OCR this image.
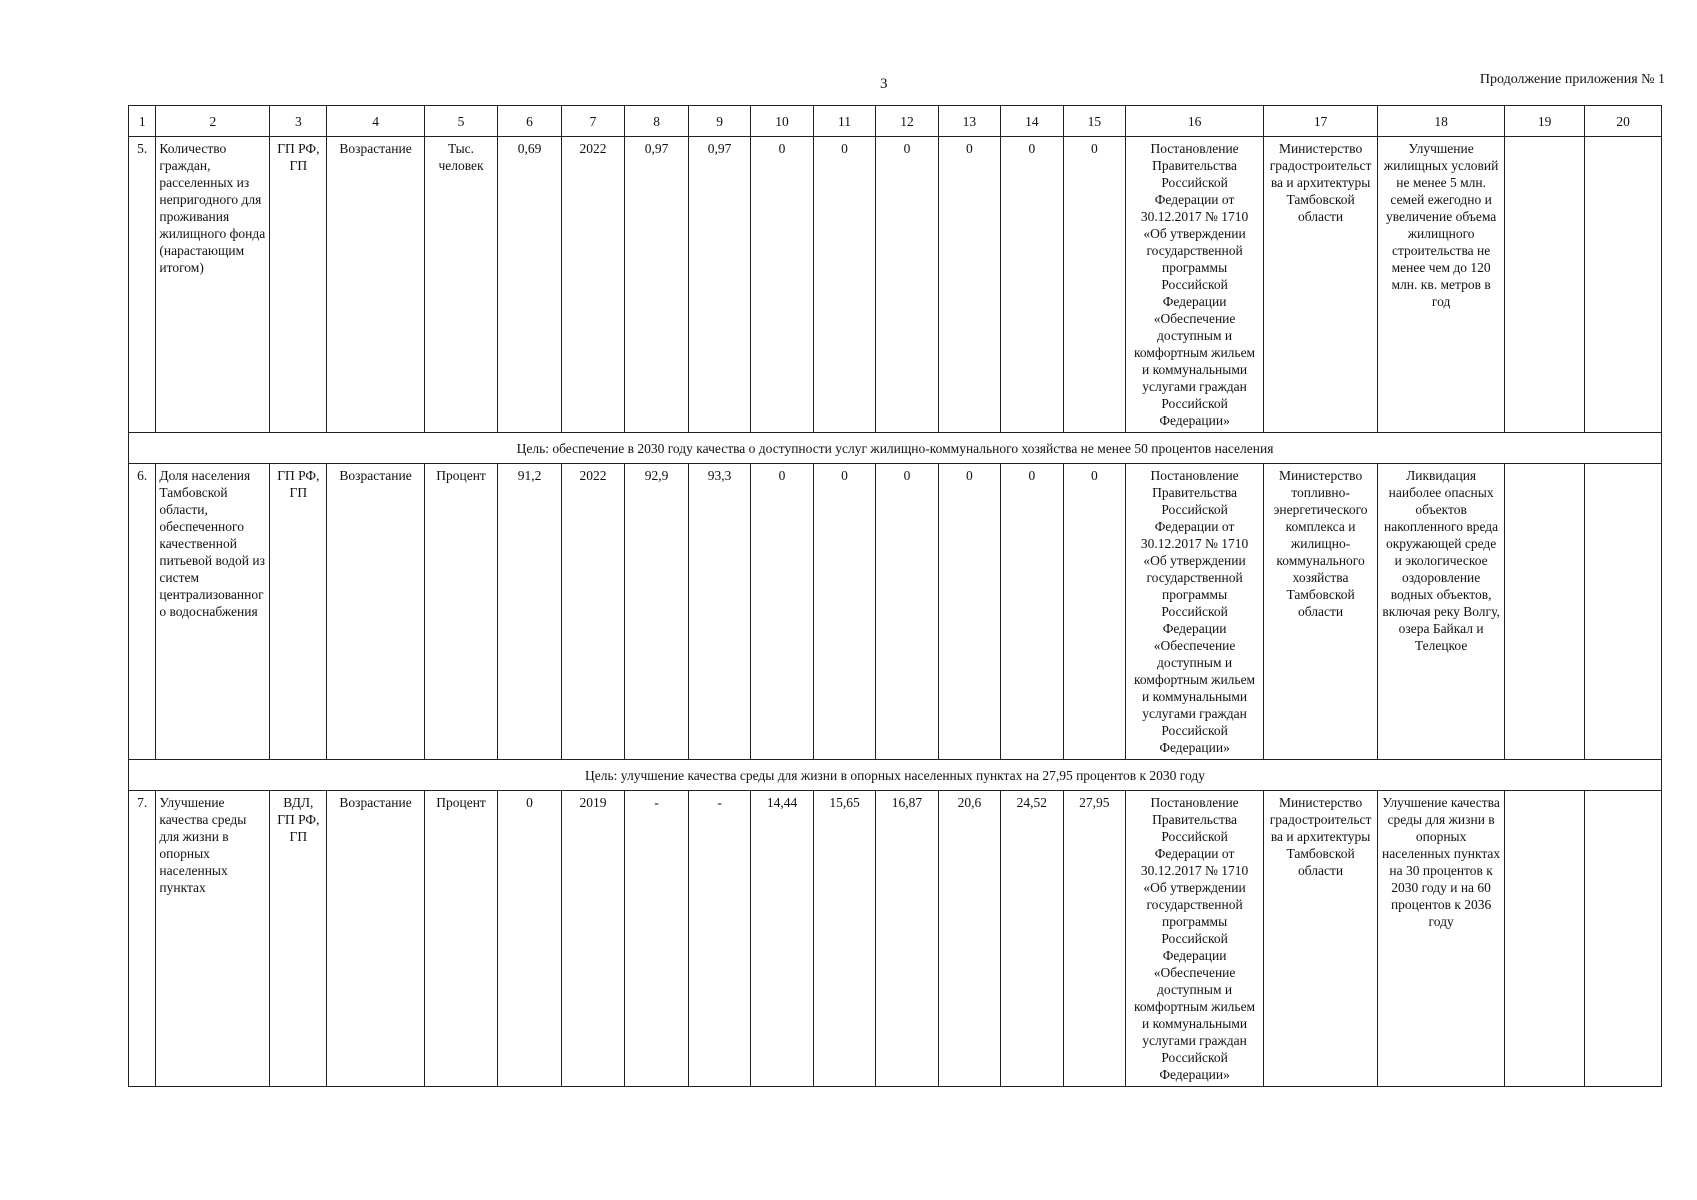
3	Продолжение приложения № 1
1	2	3	4	5	6	7	8	9	10	11	12	13	14	15	16	17	18	19	20
5.	Количество граждан, расселенных из непригодного для проживания жилищного фонда (нарастающим итогом)	ГП РФ, ГП	Возрастание	Тыс. человек	0,69	2022	0,97	0,97	0	0	0	0	0	0	Постановление Правительства Российской Федерации от 30.12.2017 № 1710 «Об утверждении государственной программы Российской Федерации «Обеспечение доступным и комфортным жильем и коммунальными услугами граждан Российской Федерации»	Министерство градостроительства и архитектуры Тамбовской области	Улучшение жилищных условий не менее 5 млн. семей ежегодно и увеличение объема жилищного строительства не менее чем до 120 млн. кв. метров в год		
Цель: обеспечение в 2030 году качества о доступности услуг жилищно-коммунального хозяйства не менее 50 процентов населения																			
6.	Доля населения Тамбовской области, обеспеченного качественной питьевой водой из систем централизованного водоснабжения	ГП РФ, ГП	Возрастание	Процент	91,2	2022	92,9	93,3	0	0	0	0	0	0	Постановление Правительства Российской Федерации от 30.12.2017 № 1710 «Об утверждении государственной программы Российской Федерации «Обеспечение доступным и комфортным жильем и коммунальными услугами граждан Российской Федерации»	Министерство топливно-энергетического комплекса и жилищно-коммунального хозяйства Тамбовской области	Ликвидация наиболее опасных объектов накопленного вреда окружающей среде и экологическое оздоровление водных объектов, включая реку Волгу, озера Байкал и Телецкое		
Цель: улучшение качества среды для жизни в опорных населенных пунктах на 27,95 процентов к 2030 году																			
7.	Улучшение качества среды для жизни в опорных населенных пунктах	ВДЛ, ГП РФ, ГП	Возрастание	Процент	0	2019	-	-	14,44	15,65	16,87	20,6	24,52	27,95	Постановление Правительства Российской Федерации от 30.12.2017 № 1710 «Об утверждении государственной программы Российской Федерации «Обеспечение доступным и комфортным жильем и коммунальными услугами граждан Российской Федерации»	Министерство градостроительства и архитектуры Тамбовской области	Улучшение качества среды для жизни в опорных населенных пунктах на 30 процентов к 2030 году и на 60 процентов к 2036 году		
